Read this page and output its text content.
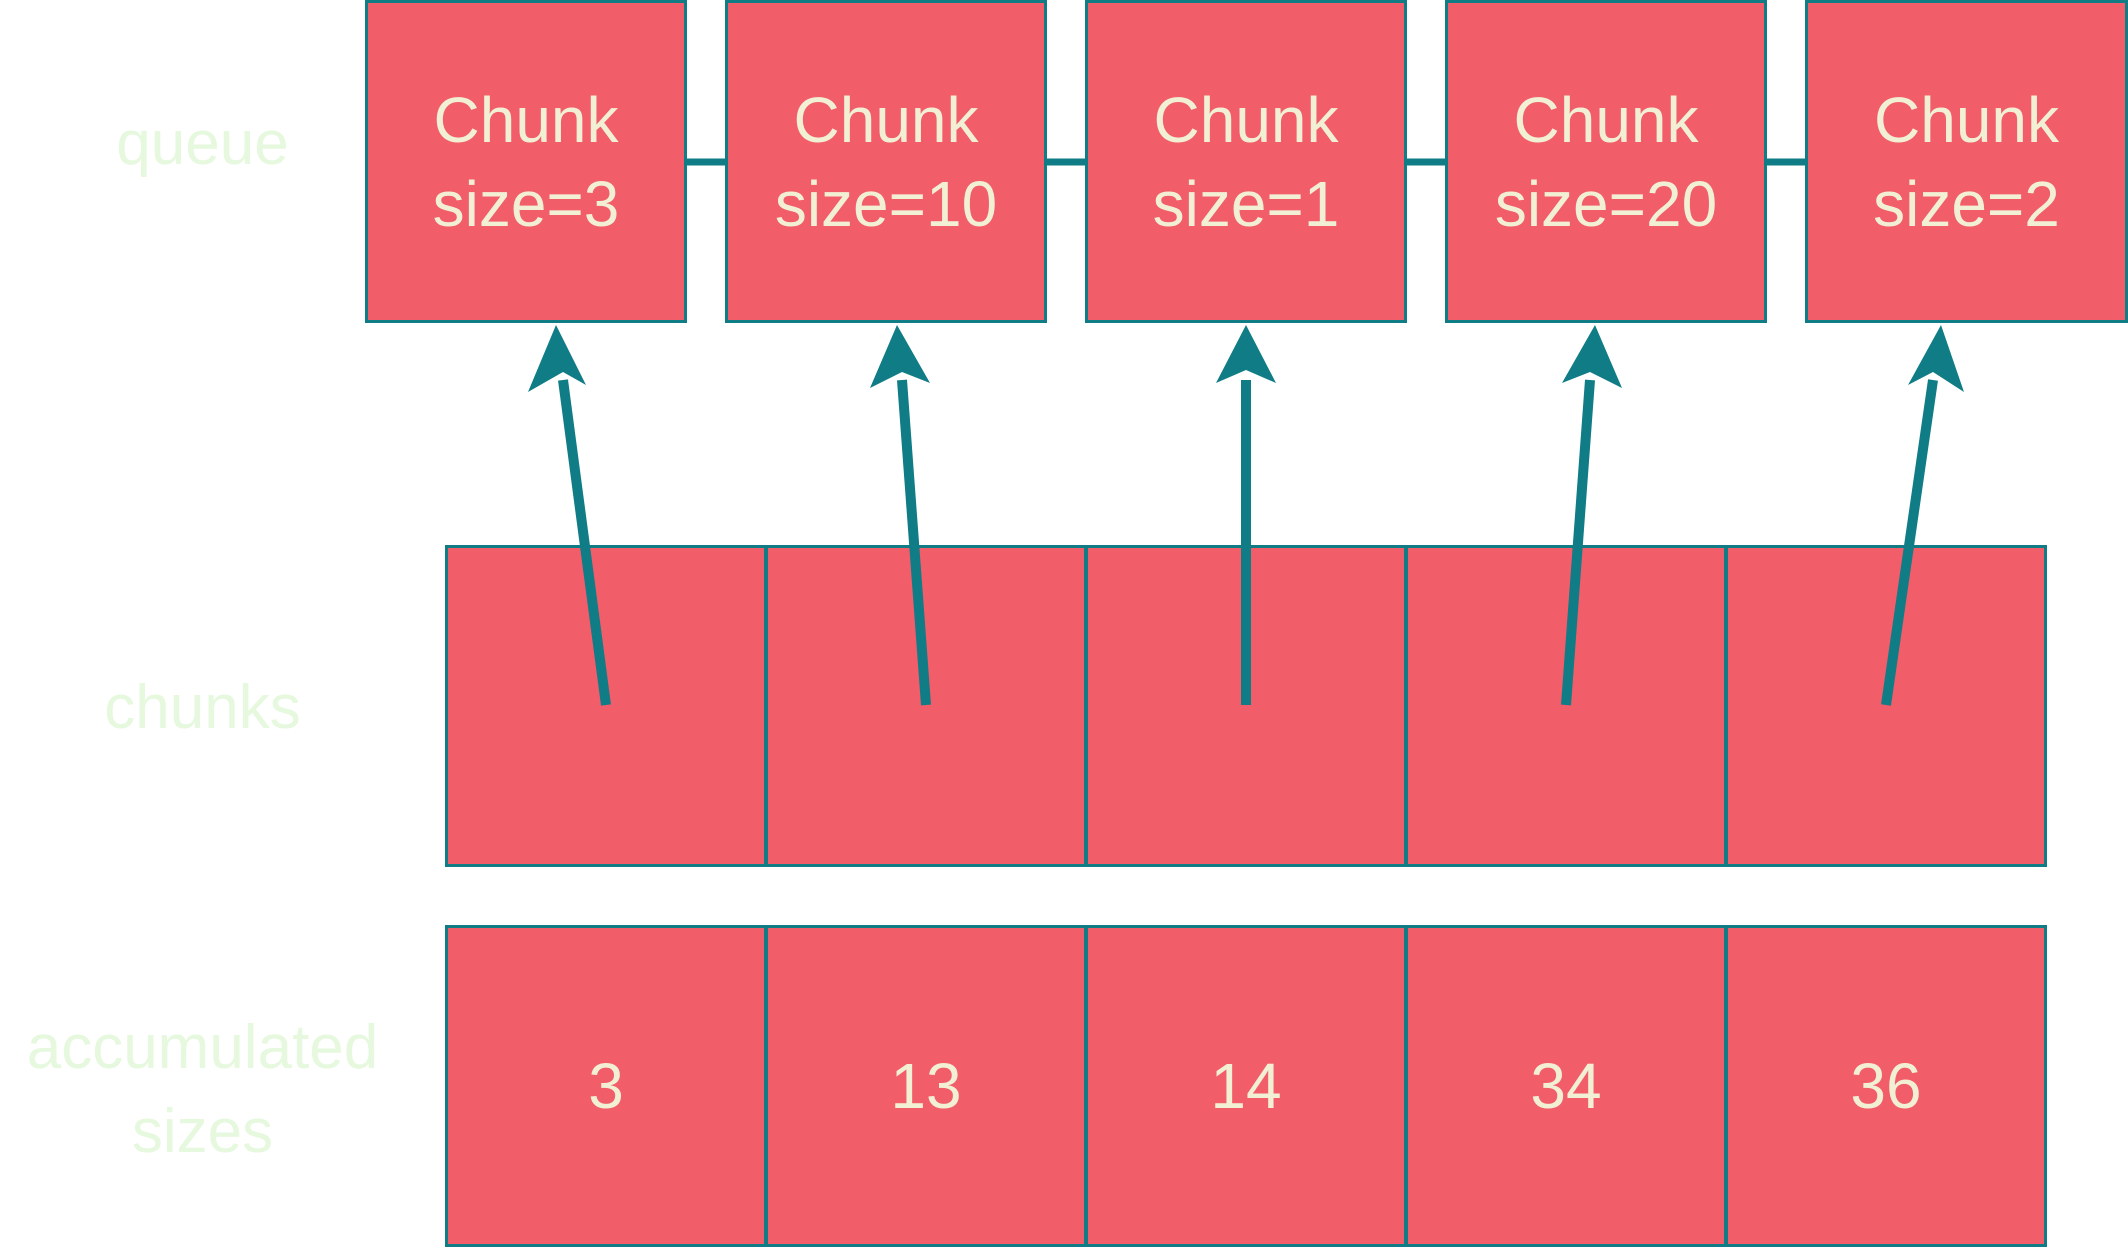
queue
chunks
accumulated
sizes
Chunk
size=3
Chunk
size=10
Chunk
size=1
Chunk
size=20
Chunk
size=2
3	13	14	34	36
